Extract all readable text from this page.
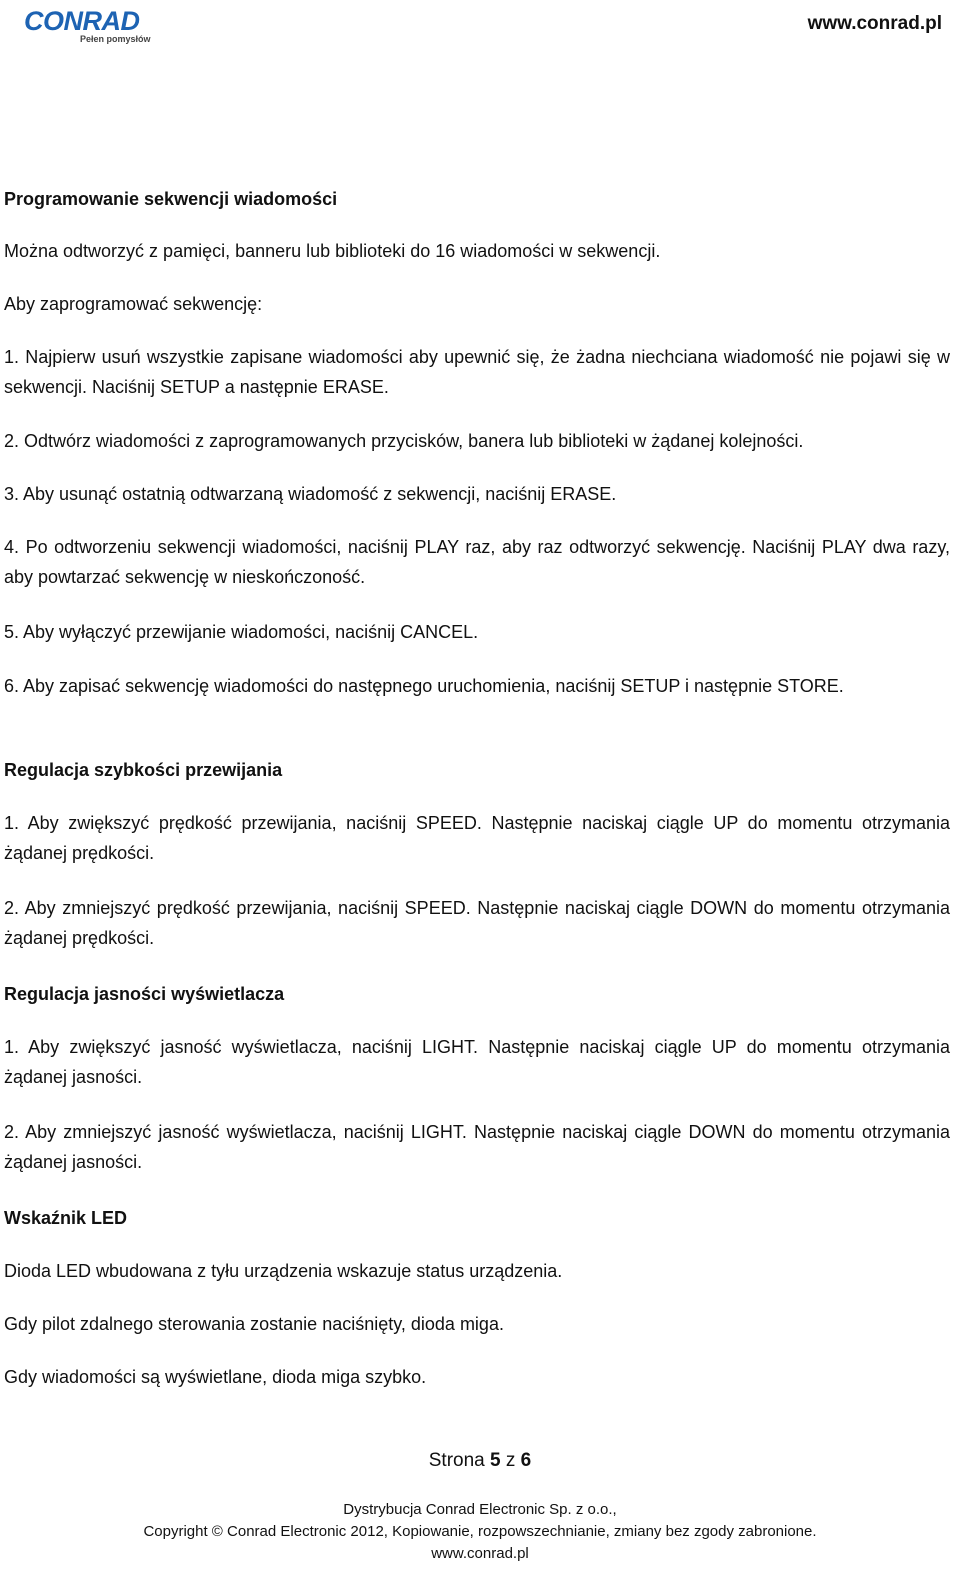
CONRAD
Pełen pomysłów
www.conrad.pl

Programowanie sekwencji wiadomości

Można odtworzyć z pamięci, banneru lub biblioteki do 16 wiadomości w sekwencji.

Aby zaprogramować sekwencję:

1. Najpierw usuń wszystkie zapisane wiadomości aby upewnić się, że żadna niechciana wiadomość nie pojawi się w sekwencji. Naciśnij SETUP a następnie ERASE.

2. Odtwórz wiadomości z zaprogramowanych przycisków, banera lub biblioteki w żądanej kolejności.

3. Aby usunąć ostatnią odtwarzaną wiadomość z sekwencji, naciśnij ERASE.

4. Po odtworzeniu sekwencji wiadomości, naciśnij PLAY raz, aby raz odtworzyć sekwencję. Naciśnij PLAY dwa razy, aby powtarzać sekwencję w nieskończoność.

5. Aby wyłączyć przewijanie wiadomości, naciśnij CANCEL.

6. Aby zapisać sekwencję wiadomości do następnego uruchomienia, naciśnij SETUP i następnie STORE.

Regulacja szybkości przewijania

1. Aby zwiększyć prędkość przewijania, naciśnij SPEED. Następnie naciskaj ciągle UP do momentu otrzymania żądanej prędkości.

2. Aby zmniejszyć prędkość przewijania, naciśnij SPEED. Następnie naciskaj ciągle DOWN do momentu otrzymania żądanej prędkości.

Regulacja jasności wyświetlacza

1. Aby zwiększyć jasność wyświetlacza, naciśnij LIGHT. Następnie naciskaj ciągle UP do momentu otrzymania żądanej jasności.

2. Aby zmniejszyć jasność wyświetlacza, naciśnij LIGHT. Następnie naciskaj ciągle DOWN do momentu otrzymania żądanej jasności.

Wskaźnik LED

Dioda LED wbudowana z tyłu urządzenia wskazuje status urządzenia.

Gdy pilot zdalnego sterowania zostanie naciśnięty, dioda miga.

Gdy wiadomości są wyświetlane, dioda miga szybko.

Strona 5 z 6
Dystrybucja Conrad Electronic Sp. z o.o.,
Copyright © Conrad Electronic 2012, Kopiowanie, rozpowszechnianie, zmiany bez zgody zabronione.
www.conrad.pl
